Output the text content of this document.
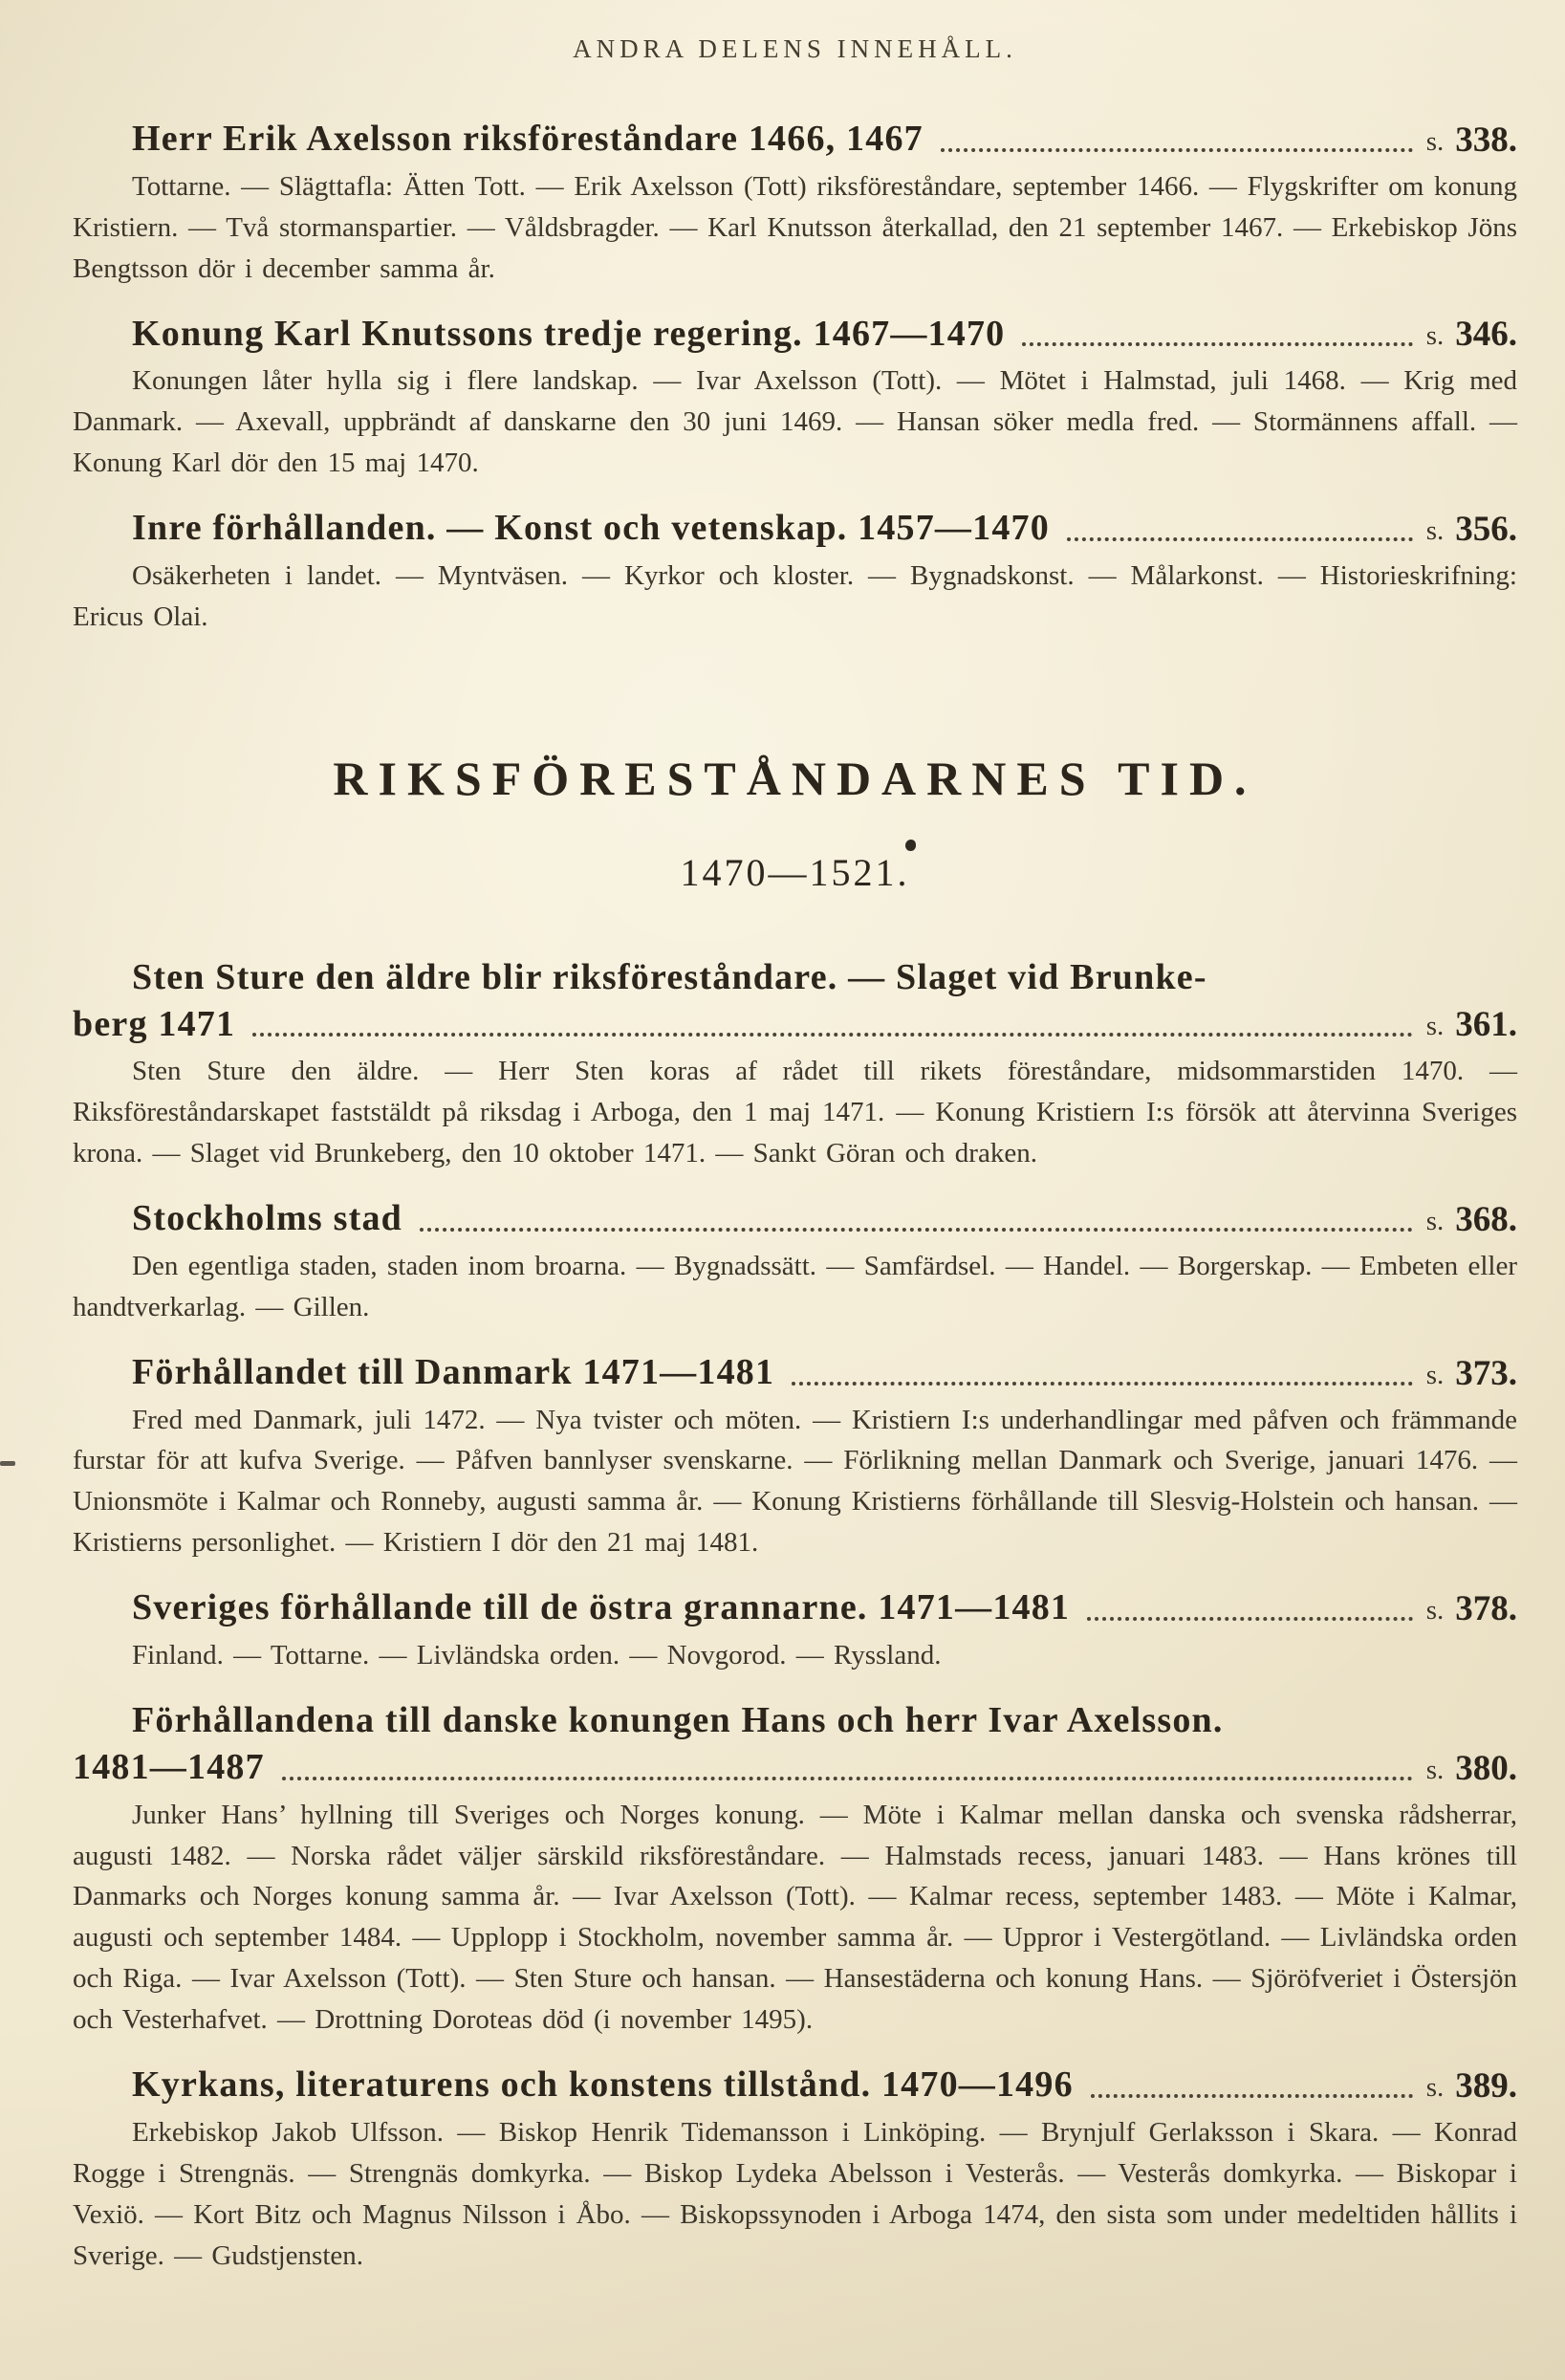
ANDRA DELENS INNEHÅLL.
Herr Erik Axelsson riksföreståndare 1466, 1467	s. 338.

Tottarne. — Slägttafla: Ätten Tott. — Erik Axelsson (Tott) riksföreståndare, september 1466. — Flygskrifter om konung Kristiern. — Två stormanspartier. — Våldsbragder. — Karl Knutsson återkallad, den 21 september 1467. — Erkebiskop Jöns Bengtsson dör i december samma år.

Konung Karl Knutssons tredje regering. 1467—1470	s. 346.

Konungen låter hylla sig i flere landskap. — Ivar Axelsson (Tott). — Mötet i Halmstad, juli 1468. — Krig med Danmark. — Axevall, uppbrändt af danskarne den 30 juni 1469. — Hansan söker medla fred. — Stormännens affall. — Konung Karl dör den 15 maj 1470.

Inre förhållanden. — Konst och vetenskap. 1457—1470	s. 356.

Osäkerheten i landet. — Myntväsen. — Kyrkor och kloster. — Bygnadskonst. — Målarkonst. — Historieskrifning: Ericus Olai.

RIKSFÖRESTÅNDARNES TID.
1470—1521.
Sten Sture den äldre blir riksföreståndare. — Slaget vid Brunke-
berg 1471	s. 361.

Sten Sture den äldre. — Herr Sten koras af rådet till rikets föreståndare, midsommarstiden 1470. — Riksföreståndarskapet faststäldt på riksdag i Arboga, den 1 maj 1471. — Konung Kristiern I:s försök att återvinna Sveriges krona. — Slaget vid Brunkeberg, den 10 oktober 1471. — Sankt Göran och draken.

Stockholms stad	s. 368.

Den egentliga staden, staden inom broarna. — Bygnadssätt. — Samfärdsel. — Handel. — Borgerskap. — Embeten eller handtverkarlag. — Gillen.

Förhållandet till Danmark 1471—1481	s. 373.

Fred med Danmark, juli 1472. — Nya tvister och möten. — Kristiern I:s underhandlingar med påfven och främmande furstar för att kufva Sverige. — Påfven bannlyser svenskarne. — Förlikning mellan Danmark och Sverige, januari 1476. — Unionsmöte i Kalmar och Ronneby, augusti samma år. — Konung Kristierns förhållande till Slesvig-Holstein och hansan. — Kristierns personlighet. — Kristiern I dör den 21 maj 1481.

Sveriges förhållande till de östra grannarne. 1471—1481	s. 378.

Finland. — Tottarne. — Livländska orden. — Novgorod. — Ryssland.

Förhållandena till danske konungen Hans och herr Ivar Axelsson.
1481—1487	s. 380.

Junker Hans’ hyllning till Sveriges och Norges konung. — Möte i Kalmar mellan danska och svenska rådsherrar, augusti 1482. — Norska rådet väljer särskild riksföreståndare. — Halmstads recess, januari 1483. — Hans krönes till Danmarks och Norges konung samma år. — Ivar Axelsson (Tott). — Kalmar recess, september 1483. — Möte i Kalmar, augusti och september 1484. — Upplopp i Stockholm, november samma år. — Uppror i Vestergötland. — Livländska orden och Riga. — Ivar Axelsson (Tott). — Sten Sture och hansan. — Hansestäderna och konung Hans. — Sjöröfveriet i Östersjön och Vesterhafvet. — Drottning Doroteas död (i november 1495).

Kyrkans, literaturens och konstens tillstånd. 1470—1496	s. 389.

Erkebiskop Jakob Ulfsson. — Biskop Henrik Tidemansson i Linköping. — Brynjulf Gerlaksson i Skara. — Konrad Rogge i Strengnäs. — Strengnäs domkyrka. — Biskop Lydeka Abelsson i Vesterås. — Vesterås domkyrka. — Biskopar i Vexiö. — Kort Bitz och Magnus Nilsson i Åbo. — Biskopssynoden i Arboga 1474, den sista som under medeltiden hållits i Sverige. — Gudstjensten.
